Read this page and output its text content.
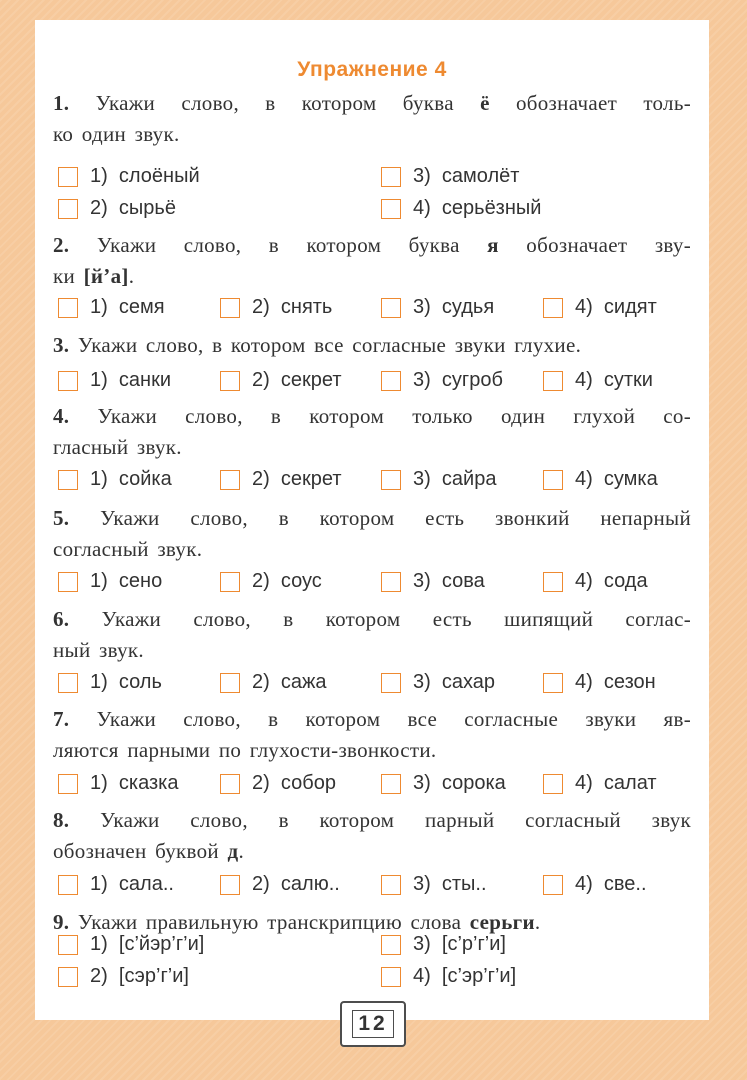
Упражнение 4
1. Укажи слово, в котором буква ё обозначает толь-
ко один звук.
1)  слоёный	3)  самолёт
2)  сырьё	4)  серьёзный
2. Укажи слово, в котором буква я обозначает зву-
ки [й’а].
1)  семя	2)  снять	3)  судья	4)  сидят
3. Укажи слово, в котором все согласные звуки глухие.
1)  санки	2)  секрет	3)  сугроб	4)  сутки
4. Укажи слово, в котором только один глухой со-
гласный звук.
1)  сойка	2)  секрет	3)  сайра	4)  сумка
5. Укажи слово, в котором есть звонкий непарный
согласный звук.
1)  сено	2)  соус	3)  сова	4)  сода
6. Укажи слово, в котором есть шипящий соглас-
ный звук.
1)  соль	2)  сажа	3)  сахар	4)  сезон
7. Укажи слово, в котором все согласные звуки яв-
ляются парными по глухости-звонкости.
1)  сказка	2)  собор	3)  сорока	4)  салат
8. Укажи слово, в котором парный согласный звук
обозначен буквой д.
1)  сала..	2)  салю..	3)  сты..	4)  све..
9. Укажи правильную транскрипцию слова серьги.
1)  [с’йэр’г’и]	3)  [с’р’г’и]
2)  [сэр’г’и]	4)  [с’эр’г’и]
12
